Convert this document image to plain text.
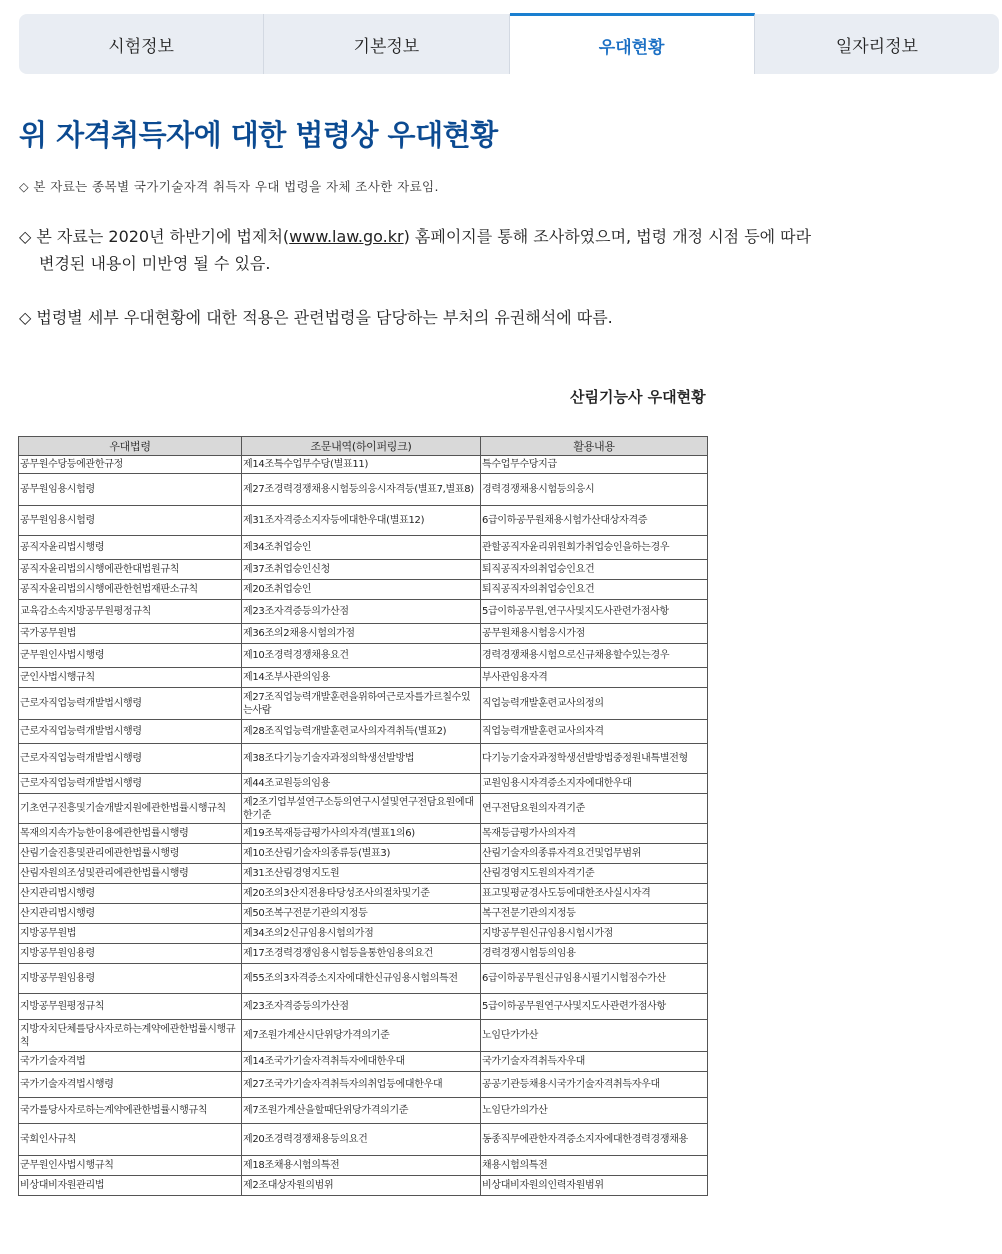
시험정보	기본정보	우대현황	일자리정보
위 자격취득자에 대한 법령상 우대현황

◇ 본 자료는 종목별 국가기술자격 취득자 우대 법령을 자체 조사한 자료임.

◇ 본 자료는 2020년 하반기에 법제처(www.law.go.kr) 홈페이지를 통해 조사하였으며, 법령 개정 시점 등에 따라
변경된 내용이 미반영 될 수 있음.
◇ 법령별 세부 우대현황에 대한 적용은 관련법령을 담당하는 부처의 유권해석에 따름.
산림기능사 우대현황
우대법령	조문내역(하이퍼링크)	활용내용
공무원수당등에관한규정	제14조특수업무수당(별표11)	특수업무수당지급
공무원임용시험령	제27조경력경쟁채용시험등의응시자격등(별표7,별표8)	경력경쟁채용시험등의응시
공무원임용시험령	제31조자격증소지자등에대한우대(별표12)	6급이하공무원채용시험가산대상자격증
공직자윤리법시행령	제34조취업승인	관할공직자윤리위원회가취업승인을하는경우
공직자윤리법의시행에관한대법원규칙	제37조취업승인신청	퇴직공직자의취업승인요건
공직자윤리법의시행에관한헌법재판소규칙	제20조취업승인	퇴직공직자의취업승인요건
교육감소속지방공무원평정규칙	제23조자격증등의가산점	5급이하공무원,연구사및지도사관련가점사항
국가공무원법	제36조의2채용시험의가점	공무원채용시험응시가점
군무원인사법시행령	제10조경력경쟁채용요건	경력경쟁채용시험으로신규채용할수있는경우
군인사법시행규칙	제14조부사관의임용	부사관임용자격
근로자직업능력개발법시행령	제27조직업능력개발훈련을위하여근로자를가르칠수있는사람	직업능력개발훈련교사의정의
근로자직업능력개발법시행령	제28조직업능력개발훈련교사의자격취득(별표2)	직업능력개발훈련교사의자격
근로자직업능력개발법시행령	제38조다기능기술자과정의학생선발방법	다기능기술자과정학생선발방법중정원내특별전형
근로자직업능력개발법시행령	제44조교원등의임용	교원임용시자격증소지자에대한우대
기초연구진흥및기술개발지원에관한법률시행규칙	제2조기업부설연구소등의연구시설및연구전담요원에대한기준	연구전담요원의자격기준
목재의지속가능한이용에관한법률시행령	제19조목재등급평가사의자격(별표1의6)	목재등급평가사의자격
산림기술진흥및관리에관한법률시행령	제10조산림기술자의종류등(별표3)	산림기술자의종류자격요건및업무범위
산림자원의조성및관리에관한법률시행령	제31조산림경영지도원	산림경영지도원의자격기준
산지관리법시행령	제20조의3산지전용타당성조사의절차및기준	표고및평균경사도등에대한조사실시자격
산지관리법시행령	제50조복구전문기관의지정등	복구전문기관의지정등
지방공무원법	제34조의2신규임용시험의가점	지방공무원신규임용시험시가점
지방공무원임용령	제17조경력경쟁임용시험등을통한임용의요건	경력경쟁시험등의임용
지방공무원임용령	제55조의3자격증소지자에대한신규임용시험의특전	6급이하공무원신규임용시필기시험점수가산
지방공무원평정규칙	제23조자격증등의가산점	5급이하공무원연구사및지도사관련가점사항
지방자치단체를당사자로하는계약에관한법률시행규칙	제7조원가계산시단위당가격의기준	노임단가가산
국가기술자격법	제14조국가기술자격취득자에대한우대	국가기술자격취득자우대
국가기술자격법시행령	제27조국가기술자격취득자의취업등에대한우대	공공기관등채용시국가기술자격취득자우대
국가를당사자로하는계약에관한법률시행규칙	제7조원가계산을할때단위당가격의기준	노임단가의가산
국회인사규칙	제20조경력경쟁채용등의요건	동종직무에관한자격증소지자에대한경력경쟁채용
군무원인사법시행규칙	제18조채용시험의특전	채용시험의특전
비상대비자원관리법	제2조대상자원의범위	비상대비자원의인력자원범위
